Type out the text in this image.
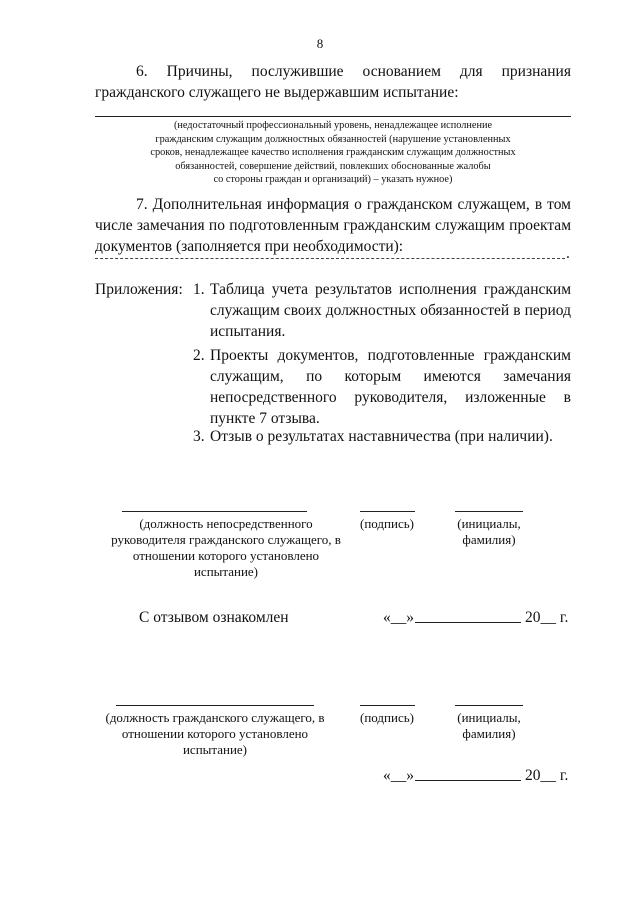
8
6. Причины, послужившие основанием для признания гражданского служащего не выдержавшим испытание:
(недостаточный профессиональный уровень, ненадлежащее исполнение
гражданским служащим должностных обязанностей (нарушение установленных
сроков, ненадлежащее качество исполнения гражданским служащим должностных
обязанностей, совершение действий, повлекших обоснованные жалобы
со стороны граждан и организаций) – указать нужное)
7. Дополнительная информация о гражданском служащем, в том числе замечания по подготовленным гражданским служащим проектам документов (заполняется при необходимости):	.
Приложения: 1. Таблица учета результатов исполнения гражданским служащим своих должностных обязанностей в период испытания.
2. Проекты документов, подготовленные гражданским служащим, по которым имеются замечания непосредственного руководителя, изложенные в пункте 7 отзыва.
3. Отзыв о результатах наставничества (при наличии).
(должность непосредственного руководителя гражданского служащего, в отношении которого установлено испытание)
(подпись)	(инициалы, фамилия)
С отзывом ознакомлен	«__»	20__ г.
(должность гражданского служащего, в отношении которого установлено испытание)
(подпись)	(инициалы, фамилия)
«__»	20__ г.
